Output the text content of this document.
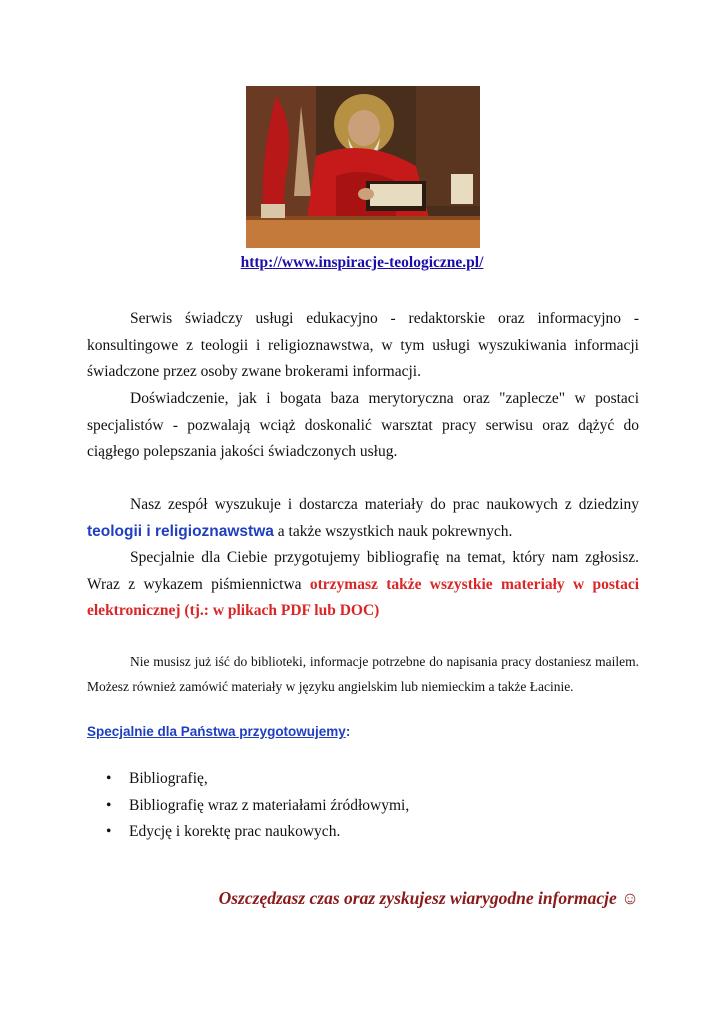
http://www.inspiracje-teologiczne.pl/
Serwis świadczy usługi edukacyjno - redaktorskie oraz informacyjno - konsultingowe z teologii i religioznawstwa, w tym usługi wyszukiwania informacji świadczone przez osoby zwane brokerami informacji.
Doświadczenie, jak i bogata baza merytoryczna oraz "zaplecze" w postaci specjalistów - pozwalają wciąż doskonalić warsztat pracy serwisu oraz dążyć do ciągłego polepszania jakości świadczonych usług.
Nasz zespół wyszukuje i dostarcza materiały do prac naukowych z dziedziny teologii i religioznawstwa a także wszystkich nauk pokrewnych.
Specjalnie dla Ciebie przygotujemy bibliografię na temat, który nam zgłosisz. Wraz z wykazem piśmiennictwa otrzymasz także wszystkie materiały w postaci elektronicznej (tj.: w plikach PDF lub DOC)
Nie musisz już iść do biblioteki, informacje potrzebne do napisania pracy dostaniesz mailem. Możesz również zamówić materiały w języku angielskim lub niemieckim a także Łacinie.
Specjalnie dla Państwa przygotowujemy:
• Bibliografię,
• Bibliografię wraz z materiałami źródłowymi,
• Edycję i korektę prac naukowych.
Oszczędzasz czas oraz zyskujesz wiarygodne informacje ☺
